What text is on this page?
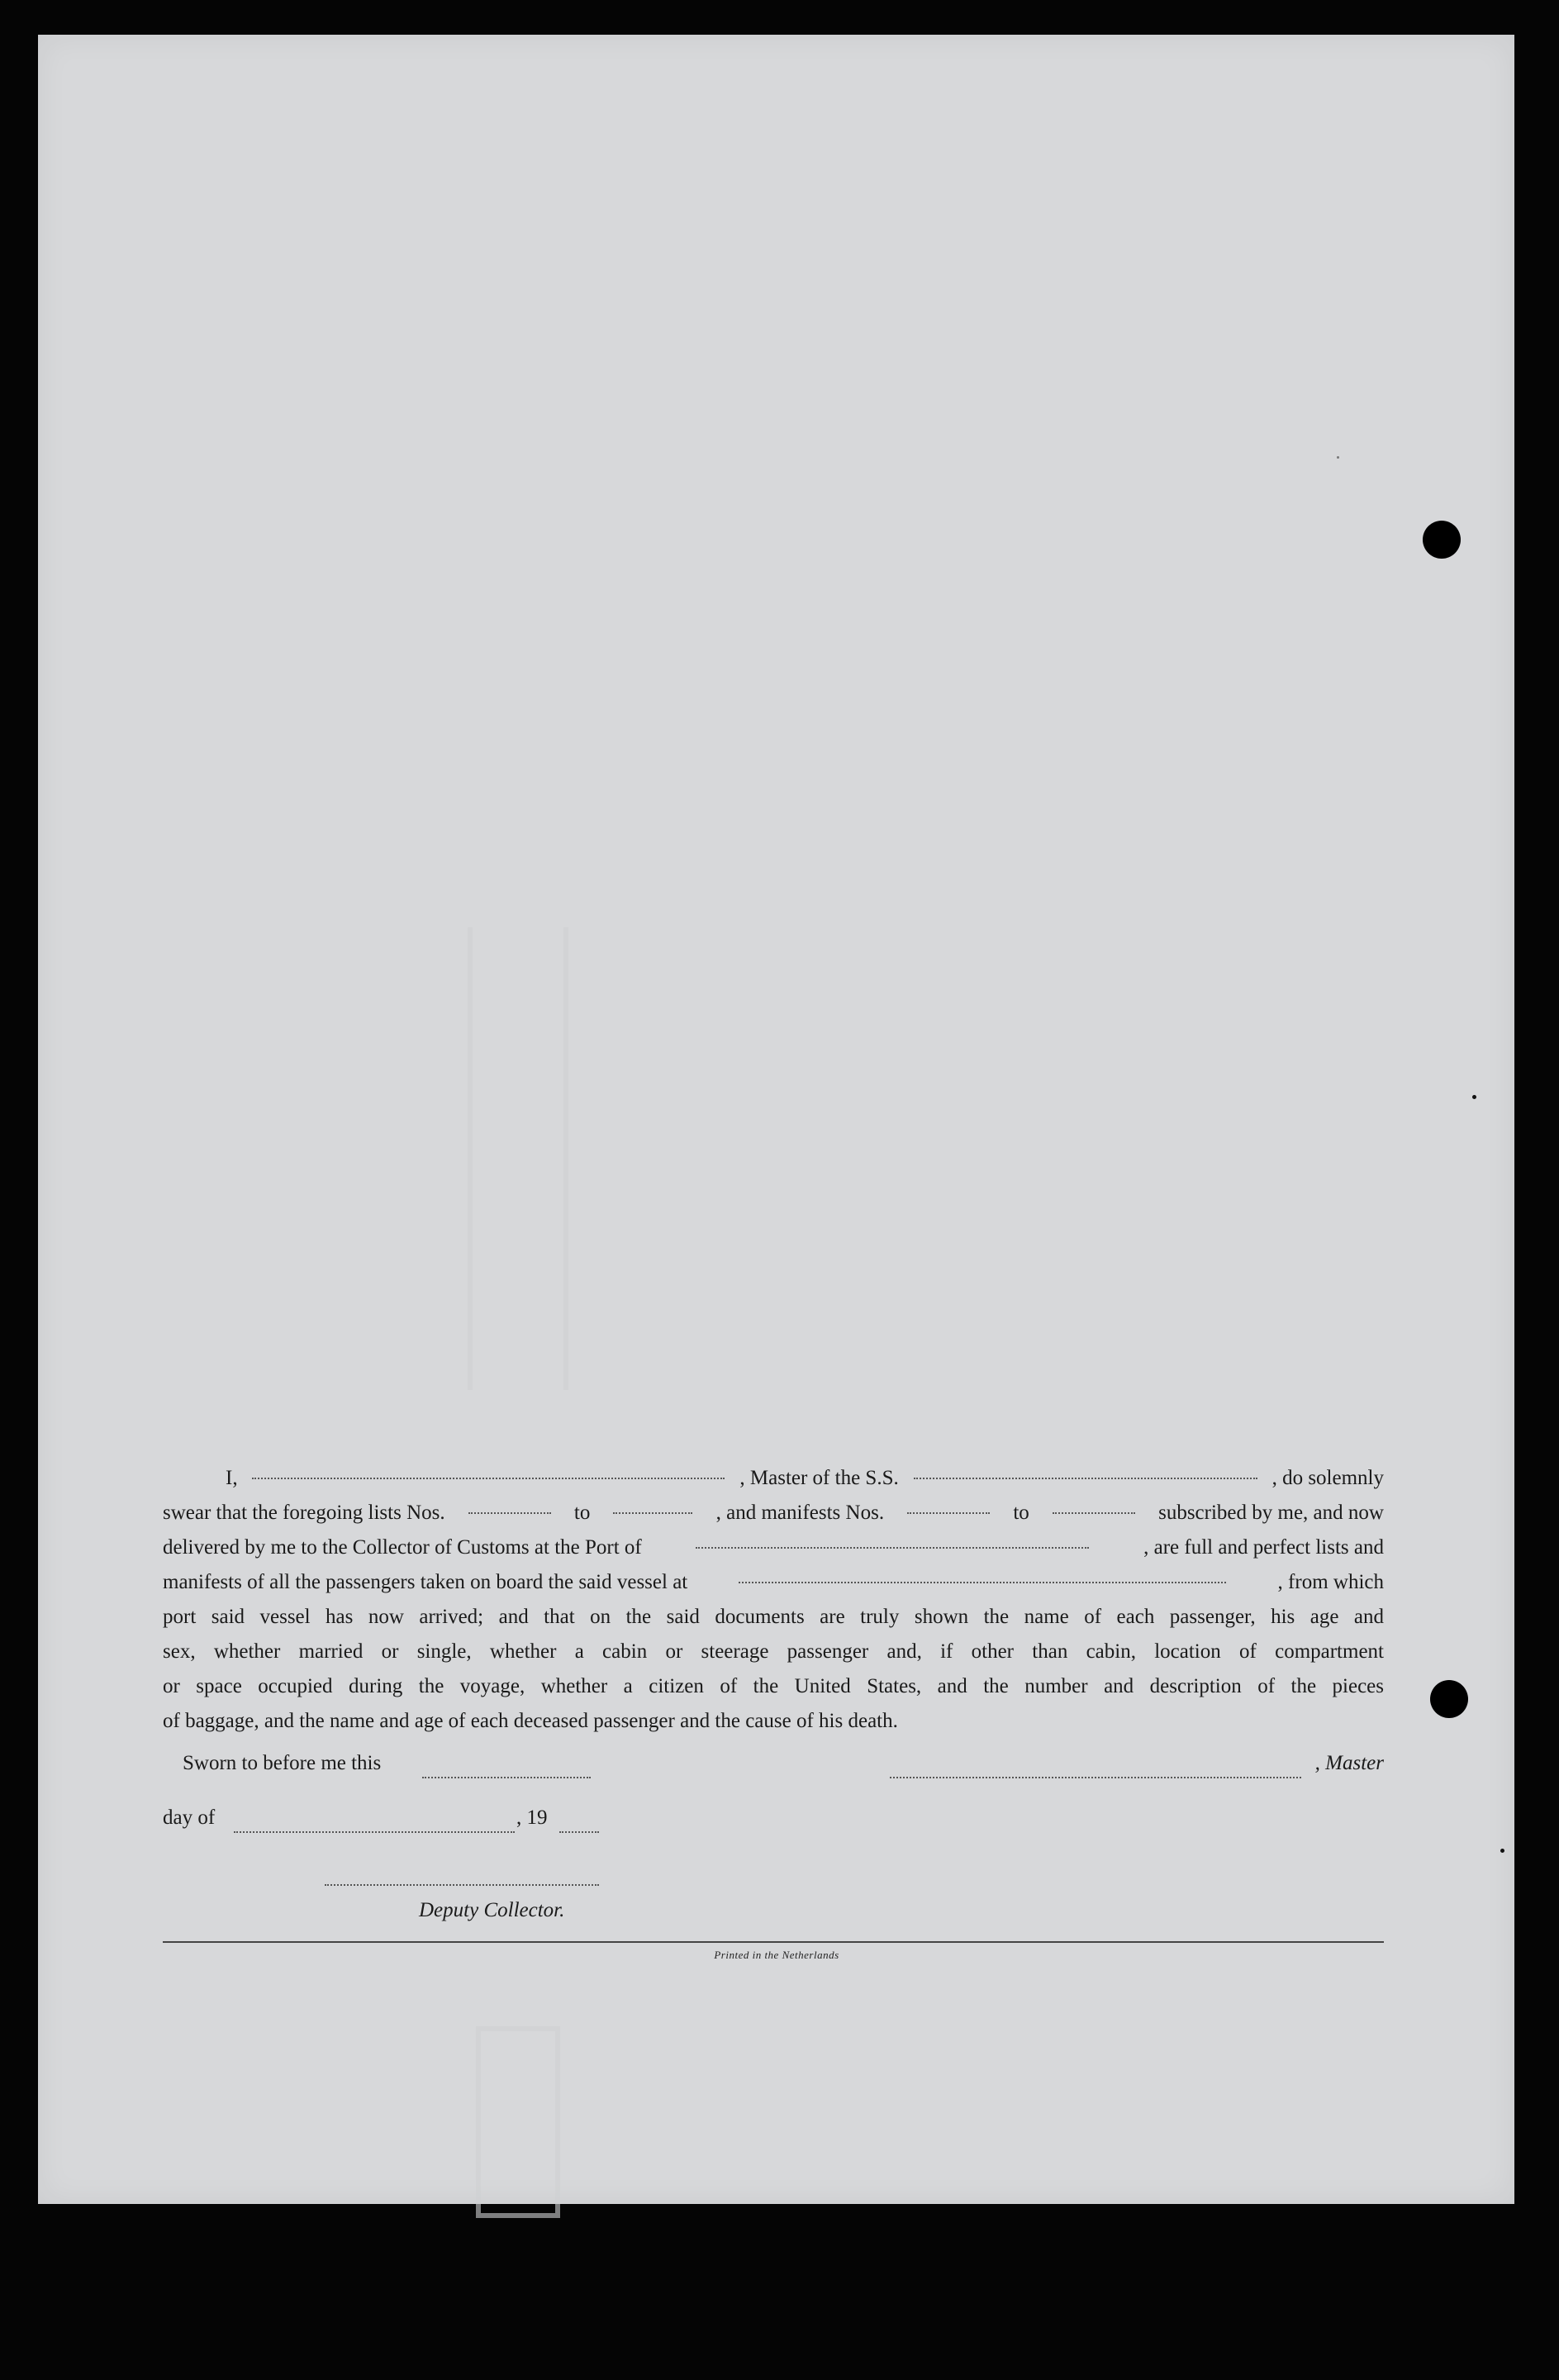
I,	, Master of the S.S.	, do solemnly
swear that the foregoing lists Nos.	to	, and manifests Nos.	to	subscribed by me, and now
delivered by me to the Collector of Customs at the Port of	, are full and perfect lists and
manifests of all the passengers taken on board the said vessel at	, from which
port said vessel has now arrived; and that on the said documents are truly shown the name of each passenger, his age and
sex, whether married or single, whether a cabin or steerage passenger and, if other than cabin, location of compartment
or space occupied during the voyage, whether a citizen of the United States, and the number and description of the pieces
of baggage, and the name and age of each deceased passenger and the cause of his death.
Sworn to before me this	, Master
day of	, 19
Deputy Collector.
Printed in the Netherlands
